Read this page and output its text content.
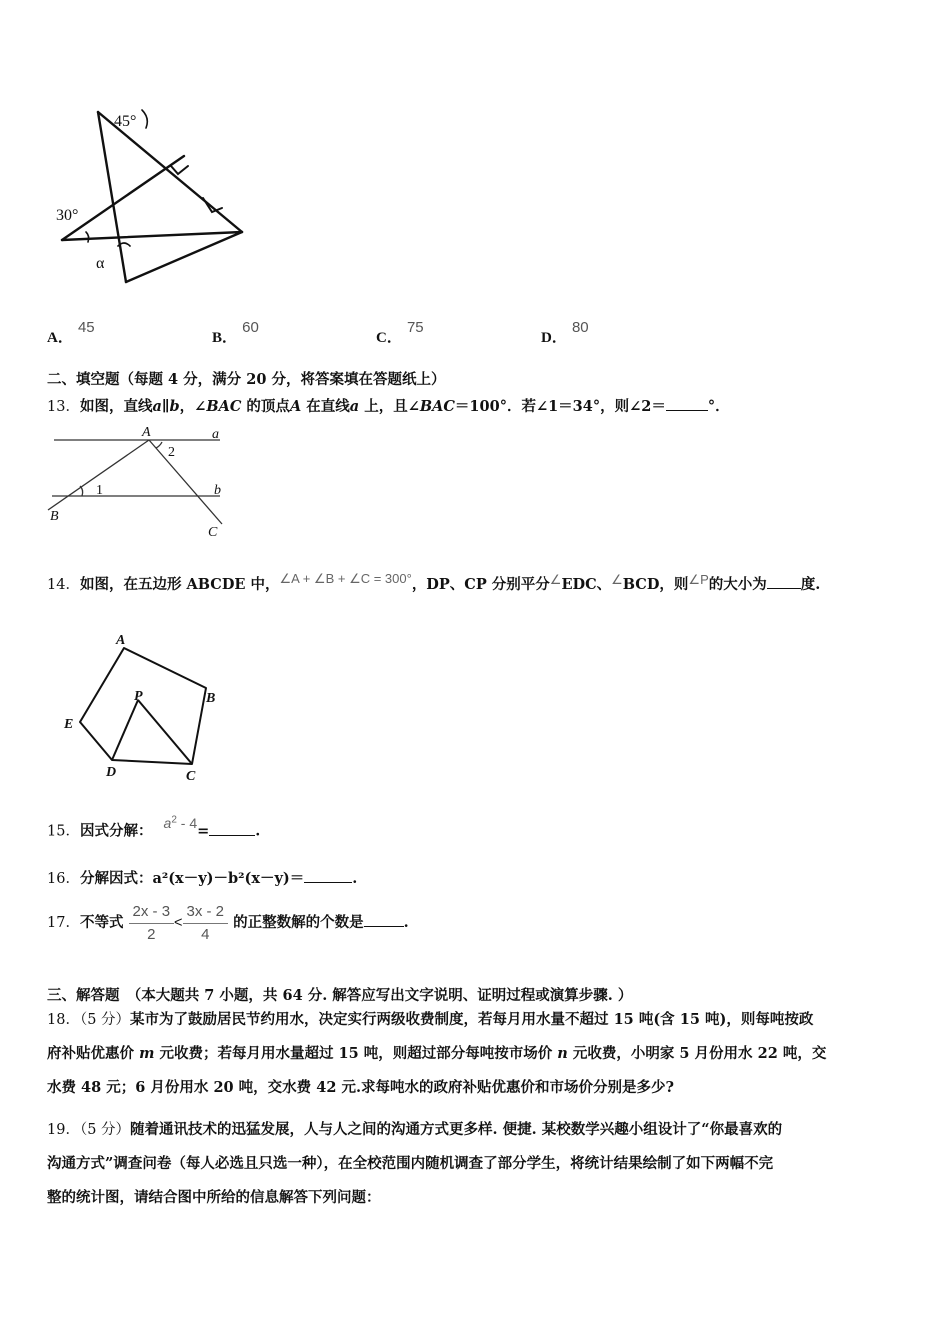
45°
30°
α
A． 45
B． 60
C． 75
D． 80
二、填空题（每题 4 分，满分 20 分，将答案填在答题纸上）
13．如图，直线a∥b，∠BAC 的顶点A 在直线a 上，且∠BAC＝100°．若∠1＝34°，则∠2＝	°．
A	a
b
B
C
1
2
14．如图，在五边形 ABCDE 中，∠A + ∠B + ∠C = 300°，DP、CP 分别平分∠EDC、∠BCD，则∠P的大小为 度.
A
B
C
D
E
P
15．因式分解： $a^2 - 4=$	.
16．分解因式：a²(x－y)－b²(x－y)＝	.
17．不等式 $\frac{2x - 3}{2} < \frac{3x - 2}{4}$ 的正整数解的个数是	.
三、解答题　（本大题共 7 小题，共 64 分. 解答应写出文字说明、证明过程或演算步骤. ）
18．（5 分）某市为了鼓励居民节约用水，决定实行两级收费制度，若每月用水量不超过 15 吨(含 15 吨)，则每吨按政
府补贴优惠价 m 元收费；若每月用水量超过 15 吨，则超过部分每吨按市场价 n 元收费，小明家 5 月份用水 22 吨，交
水费 48 元；6 月份用水 20 吨，交水费 42 元.求每吨水的政府补贴优惠价和市场价分别是多少?
19．（5 分）随着通讯技术的迅猛发展，人与人之间的沟通方式更多样. 便捷. 某校数学兴趣小组设计了“你最喜欢的
沟通方式”调查问卷（每人必选且只选一种），在全校范围内随机调查了部分学生，将统计结果绘制了如下两幅不完
整的统计图，请结合图中所给的信息解答下列问题：
